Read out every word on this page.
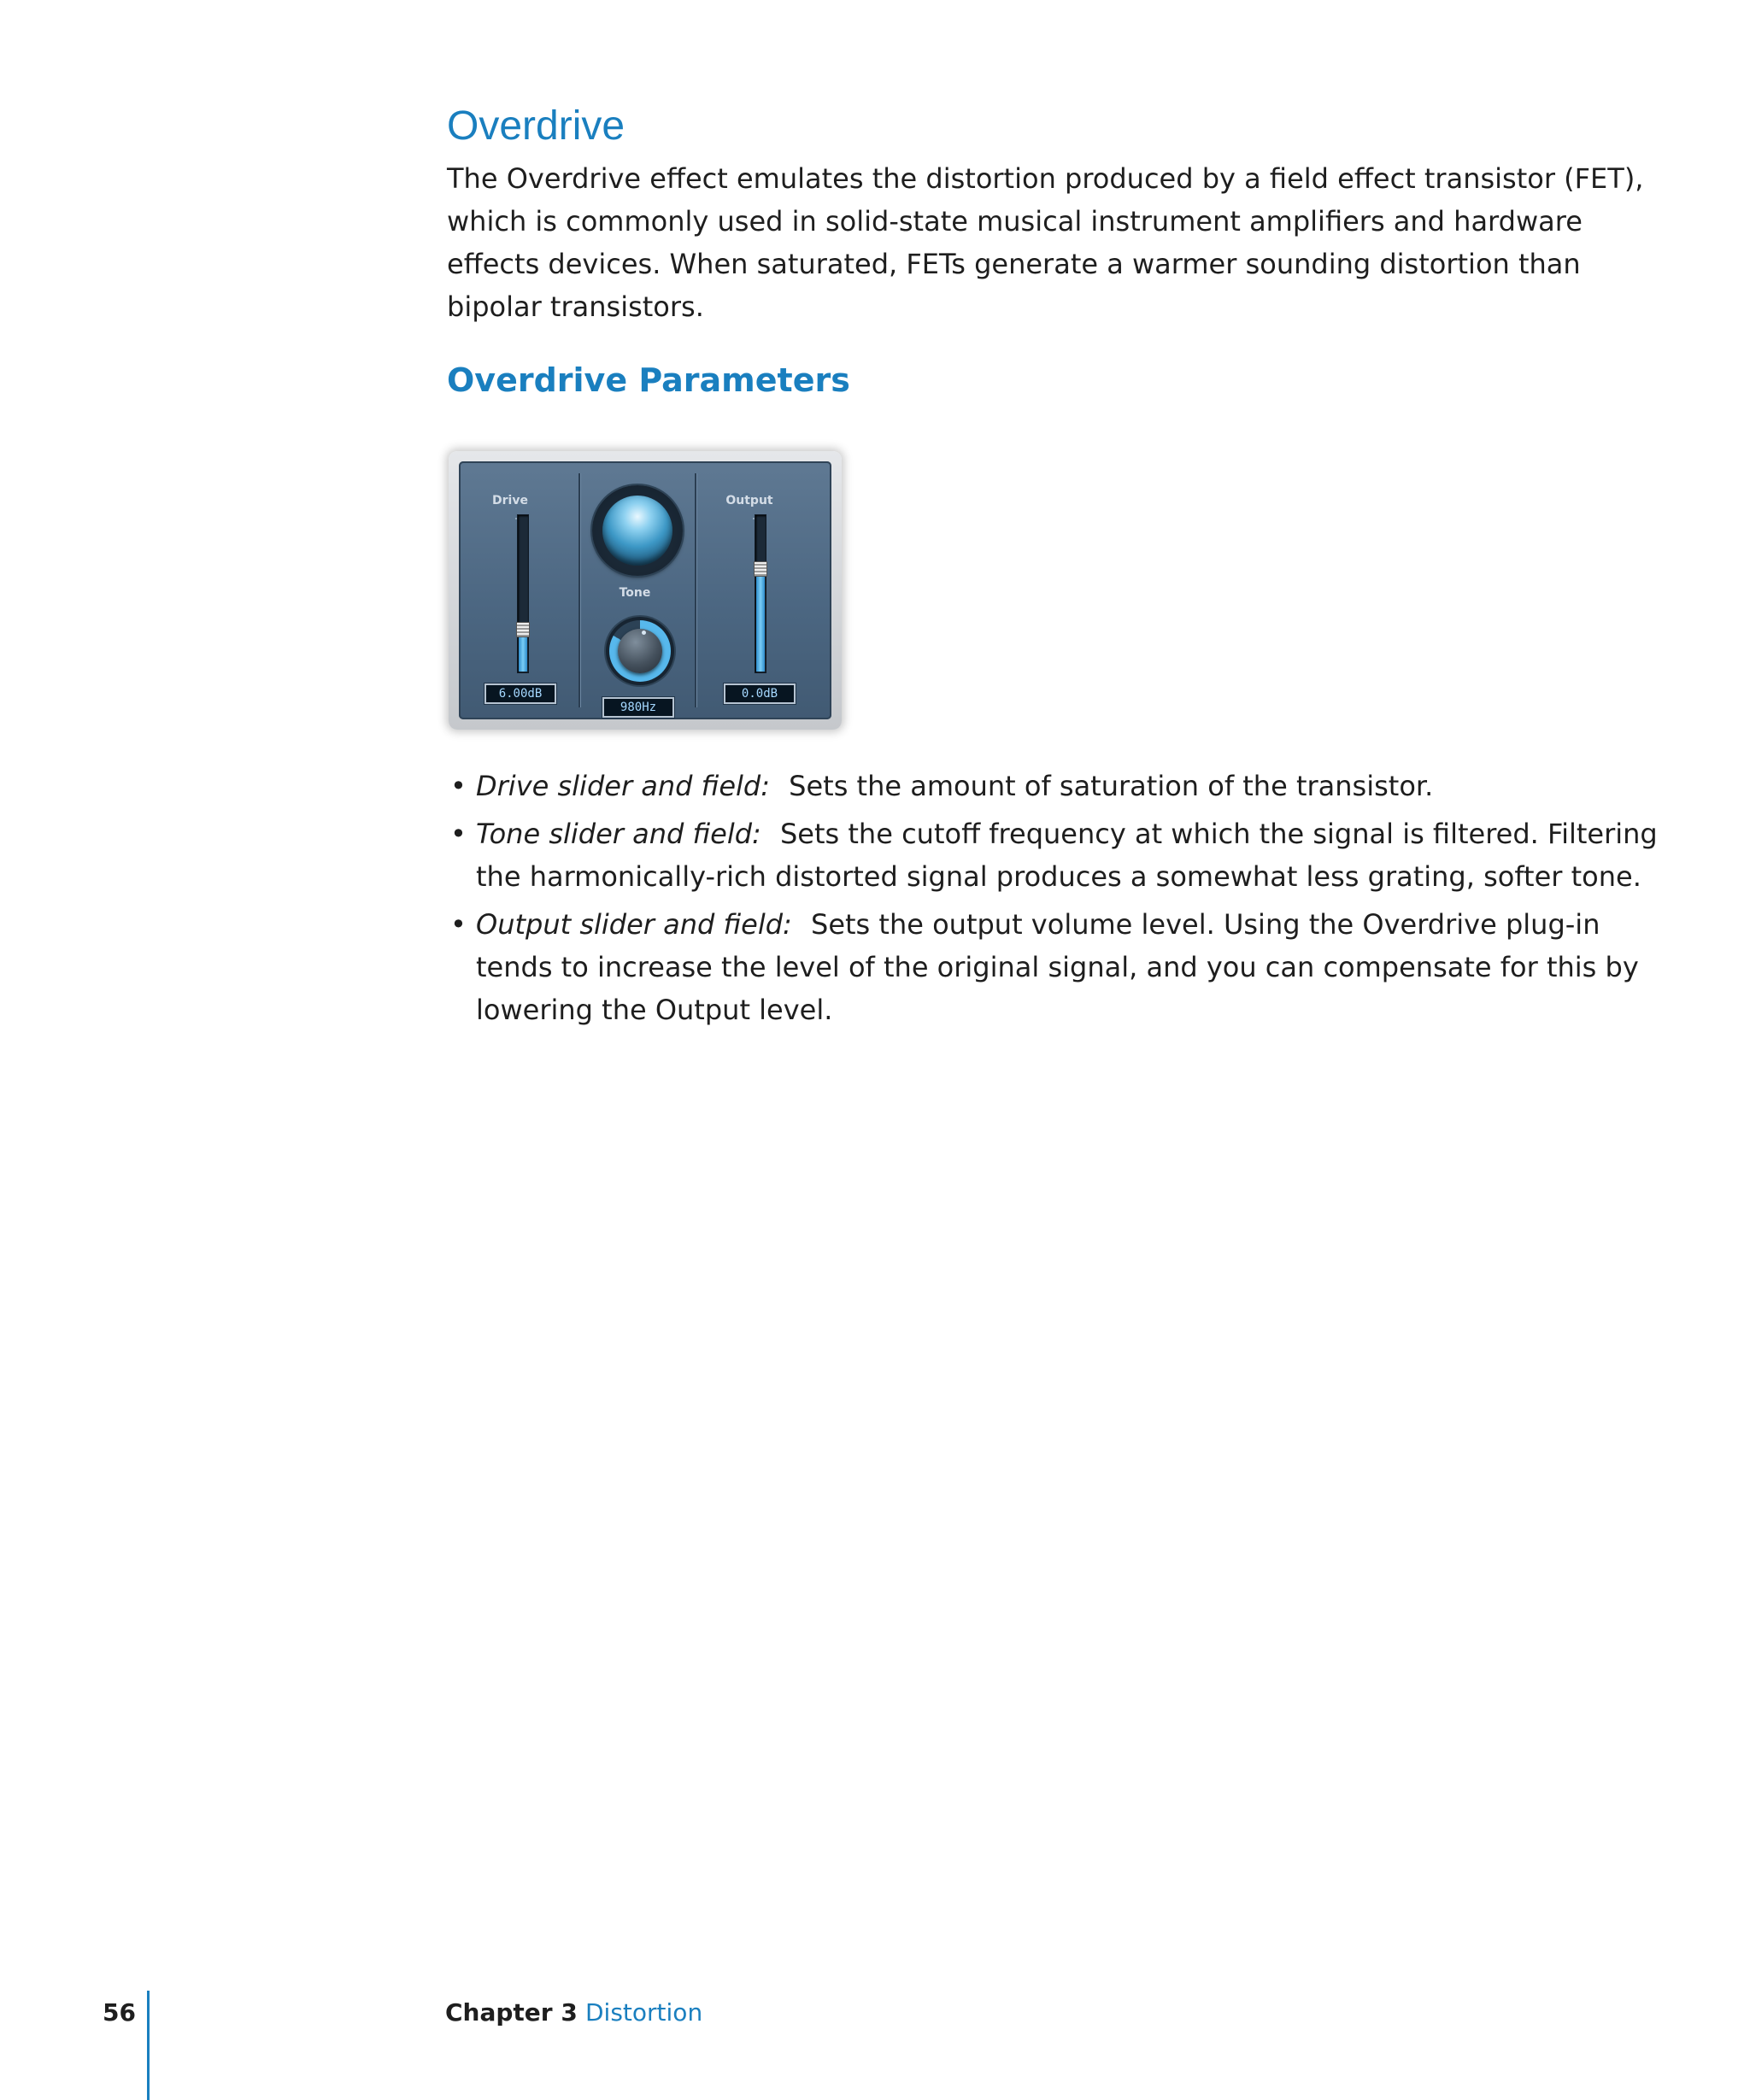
Overdrive

The Overdrive effect emulates the distortion produced by a field effect transistor (FET), which is commonly used in solid-state musical instrument amplifiers and hardware effects devices. When saturated, FETs generate a warmer sounding distortion than bipolar transistors.

Overdrive Parameters
Drive
6.00dB
Tone
980Hz
Output
0.0dB
• Drive slider and field: Sets the amount of saturation of the transistor.
• Tone slider and field: Sets the cutoff frequency at which the signal is filtered. Filtering the harmonically-rich distorted signal produces a somewhat less grating, softer tone.
• Output slider and field: Sets the output volume level. Using the Overdrive plug-in tends to increase the level of the original signal, and you can compensate for this by lowering the Output level.
56	Chapter 3 Distortion
